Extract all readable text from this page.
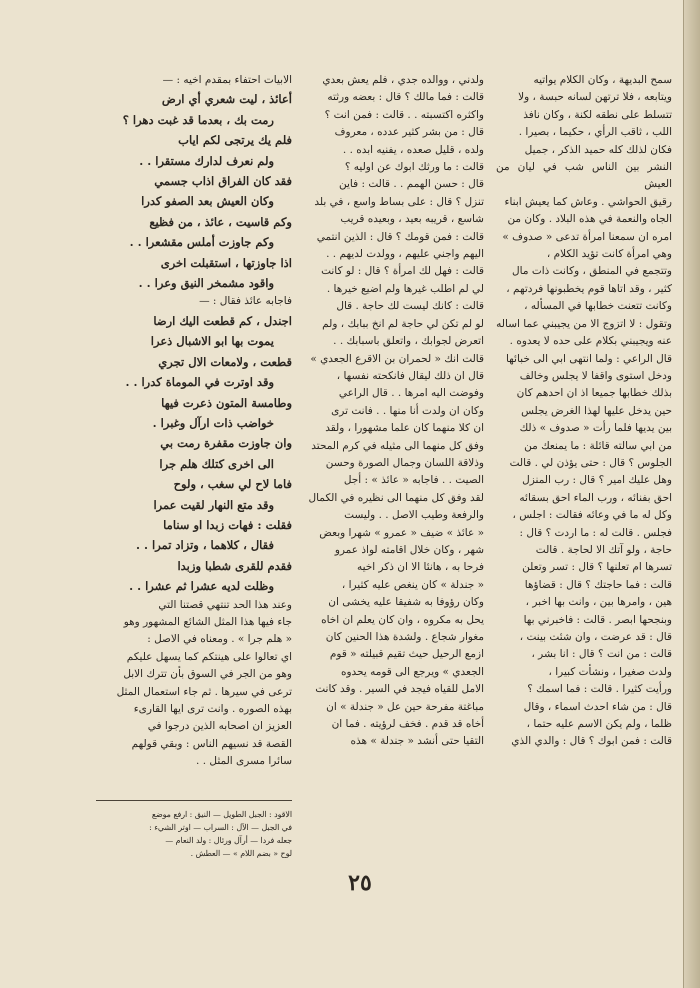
سمح البديهة ، وكان الكلام يواتيه

ويتابعه ، فلا ترتهن لسانه حبسة ، ولا

تتسلط على نطقه لكنة ، وكان نافذ

اللب ، ثاقب الرأي ، حكيما ، بصيرا .

فكان لذلك كله حميد الذكر ، جميل

النشر بين الناس شب في ليان من العيش

رقيق الحواشي . وعاش كما يعيش ابناء

الجاه والنعمة في هذه البلاد . وكان من

امره ان سمعنا امرأة تدعى « صدوف »

وهي امرأة كانت تؤيد الكلام ،

وتتجمع في المنطق ، وكانت ذات مال

كثير ، وقد اتاها قوم يخطبونها فردتهم ،

وكانت تتعنت خطابها في المسأله ،

وتقول : لا اتزوج الا من يجيبني عما اساله

عنه ويجيبني بكلام على حده لا يعدوه .

قال الراعي : ولما انتهى ابي الى خبائها

ودخل استوى واقفا لا يجلس وخالف

بذلك خطابها جميعا اذ ان احدهم كان

حين يدخل عليها لهذا الغرض يجلس

بين يديها فلما رأت « صدوف » ذلك

من ابي سالته قائلة : ما يمنعك من

الجلوس ؟ قال : حتى يؤذن لي . قالت

وهل عليك امير ؟ قال : رب المنزل

احق بفنائه ، ورب الماء احق بسقائه

وكل له ما في وعائه فقالت : اجلس ،

فجلس . قالت له : ما اردت ؟ قال :

حاجة ، ولو آتك الا لحاجة . قالت

تسرها ام تعلنها ؟ قال : تسر وتعلن

قالت : فما حاجتك ؟ قال : قضاؤها

هين ، وامرها بين ، وانت بها اخبر ،

وبنجحها ابصر . قالت : فاخبرني بها

قال : قد عرضت ، وان شئت بينت ،

قالت : من انت ؟ قال : انا بشر ،

ولدت صغيرا ، ونشأت كبيرا ،

ورأيت كثيرا . قالت : فما اسمك ؟

قال : من شاء احدث اسماء ، وقال

ظلما ، ولم يكن الاسم عليه حتما ،

قالت : فمن ابوك ؟ قال : والدي الذي

ولدني ، ووالده جدي ، فلم يعش بعدي

قالت : فما مالك ؟ قال : بعضه ورثته

واكثره اكتسبته . . قالت : فمن انت ؟

قال : من بشر كثير عدده ، معروف

ولده ، قليل صعده ، يفنيه ابده . .

قالت : ما ورثك ابوك عن اوليه ؟

قال : حسن الهمم . . قالت : فاين

تنزل ؟ قال : على بساط واسع ، في بلد

شاسع ، قريبه بعيد ، وبعيده قريب

قالت : فمن قومك ؟ قال : الذين انتمي

اليهم واجني عليهم ، وولدت لديهم . .

قالت : فهل لك امرأة ؟ قال : لو كانت

لي لم اطلب غيرها ولم اضيع خيرها .

قالت : كانك ليست لك حاجة . قال

لو لم تكن لي حاجة لم انخ ببابك ، ولم

اتعرض لجوابك ، واتعلق باسبابك . .

قالت انك « لحمران بن الاقرع الجعدي »

قال ان ذلك ليقال فانكحته نفسها ،

وفوضت اليه امرها . . قال الراعي

وكان ان ولدت أنا منها . . فانت ترى

ان كلا منهما كان علما مشهورا ، ولقد

وفق كل منهما الى مثيله في كرم المحتد

وذلاقة اللسان وجمال الصورة وحسن

الصيت . . فاجابه « عائذ » : أجل

لقد وفق كل منهما الى نظيره في الكمال

والرفعة وطيب الاصل . . وليست

« عائذ » ضيف « عمرو » شهرا وبعض

شهر ، وكان خلال اقامته لواذ عمرو

فرحا به ، هانئا الا ان ذكر اخيه

« جندلة » كان ينغص عليه كثيرا ،

وكان رؤوفا به شفيقا عليه يخشى ان

يحل به مكروه ، وان كان يعلم ان اخاه

مغوار شجاع . ولشدة هذا الحنين كان

ازمع الرحيل حيث تقيم قبيلته « قوم

الجعدي » ويرجع الى قومه يحدوه

الامل للقياه فيجد في السير . وقد كانت

مباغتة مفرحة حين عل « جندلة » ان

أخاه قد قدم . فخف لرؤيته . فما ان

التقيا حتى أنشد « جندلة » هذه

الابيات احتفاء بمقدم اخيه : —

أعائذ ، ليت شعري أي ارض

رمت بك ، بعدما قد غبت دهرا ؟

فلم يك يرتجى لكم اياب

ولم نعرف لدارك مستقرا . .

فقد كان الفراق اذاب جسمي

وكان العيش بعد الصفو كدرا

وكم قاسيت ، عائذ ، من فظيع

وكم جاوزت أملس مقشعرا . .

اذا جاوزتها ، استقبلت اخرى

واقود مشمخر النيق وعرا . .

فاجابه عائذ فقال : —

اجندل ، كم قطعت اليك ارضا

يموت بها ابو الاشبال ذعرا

قطعت ، ولامعات الال تجري

وقد اوترت في الموماة كدرا . .

وطامسة المتون ذعرت فيها

خواضب ذات ارآل وغبرا .

وان جاوزت مقفرة رمت بي

الى اخرى كتلك هلم جرا

فاما لاح لي سغب ، ولوح

وقد متع النهار لقيت عمرا

فقلت : فهات زبدا او سناما

فقال ، كلاهما ، وتزاد تمرا . .

فقدم للقرى شطبا وزبدا

وظلت لديه عشرا ثم عشرا . .

وعند هذا الحد تنتهي قصتنا التي

جاء فيها هذا المثل الشائع المشهور وهو

« هلم جرا » . ومعناه في الاصل :

اي تعالوا على هينتكم كما يسهل عليكم

وهو من الجر في السوق بأن تترك الابل

ترعى في سيرها . ثم جاء استعمال المثل

بهذه الصوره . وانت ترى ايها القارىء

العزيز ان اصحابه الذين درجوا في

القصة قد نسيهم الناس : وبقي قولهم

سائرا مسرى المثل . .

الاقود : الجبل الطويل — النيق : ارفع موضع

في الجبل — الآل : السراب — اوتر الشيء :

جعله فردا — أرآل ورئال : ولد النعام —

لوح « بضم اللام » — العطش .

٢٥
